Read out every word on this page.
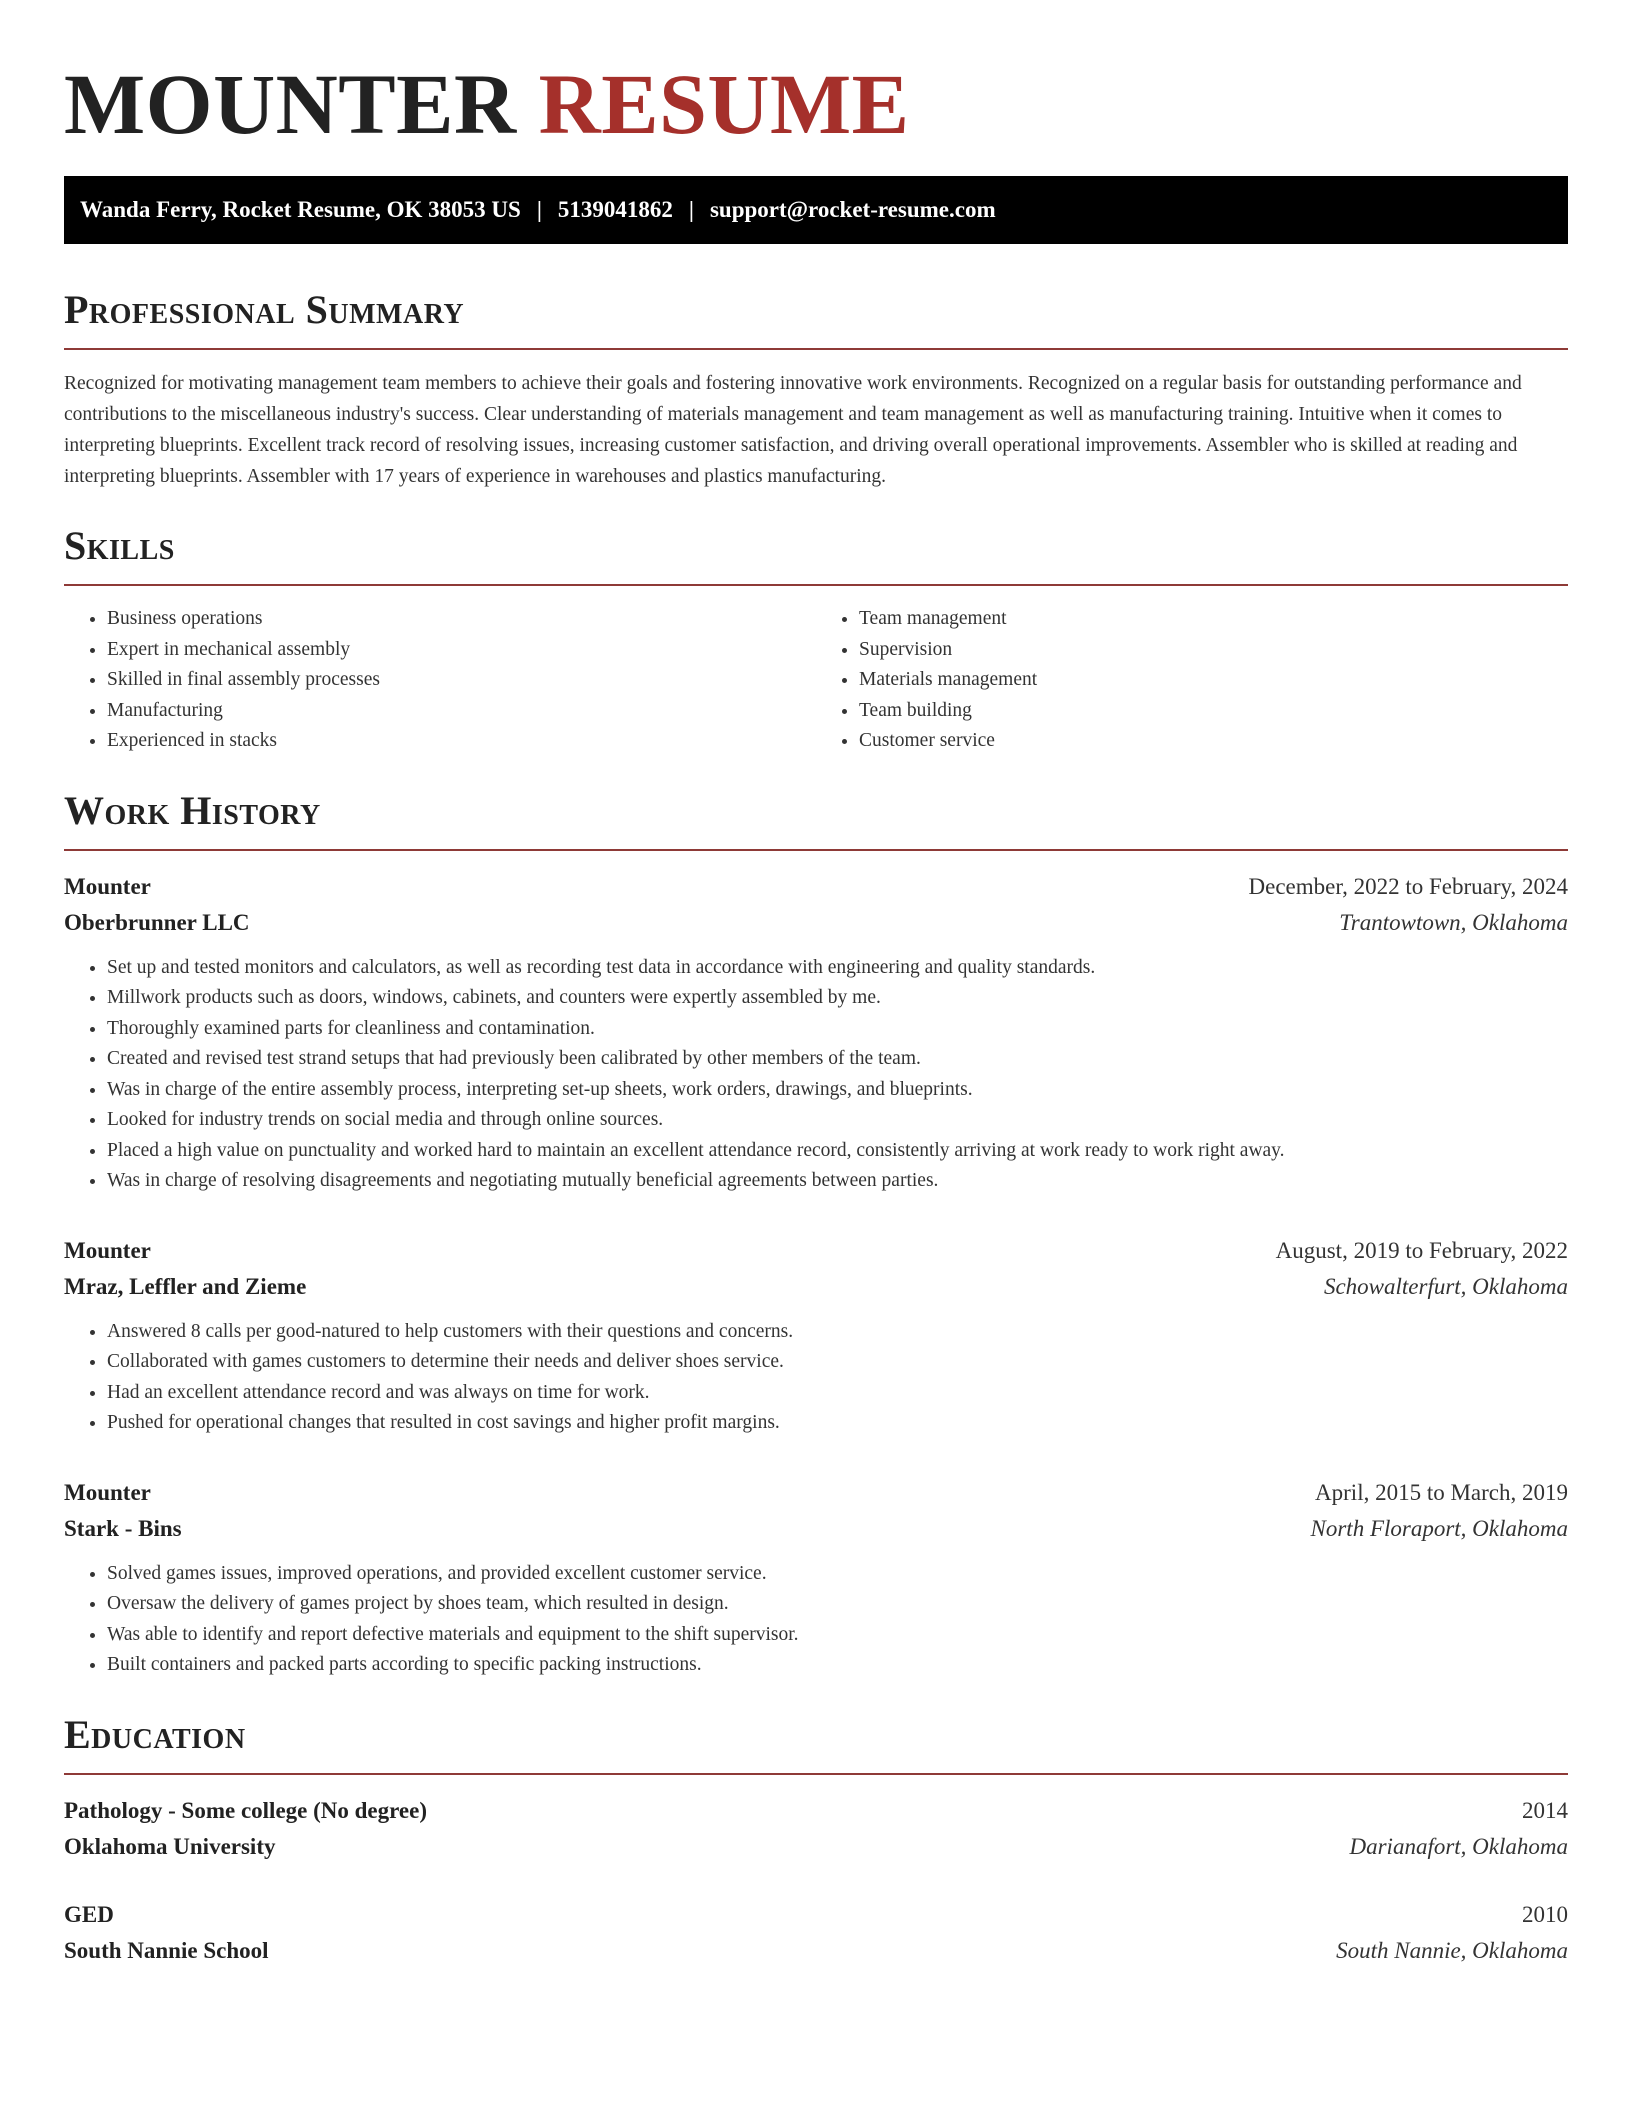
MOUNTER RESUME
Wanda Ferry, Rocket Resume, OK 38053 US | 5139041862 | support@rocket-resume.com
Professional Summary

Recognized for motivating management team members to achieve their goals and fostering innovative work environments. Recognized on a regular basis for outstanding performance and contributions to the miscellaneous industry's success. Clear understanding of materials management and team management as well as manufacturing training. Intuitive when it comes to interpreting blueprints. Excellent track record of resolving issues, increasing customer satisfaction, and driving overall operational improvements. Assembler who is skilled at reading and interpreting blueprints. Assembler with 17 years of experience in warehouses and plastics manufacturing.

Skills
• Business operations
• Expert in mechanical assembly
• Skilled in final assembly processes
• Manufacturing
• Experienced in stacks
• Team management
• Supervision
• Materials management
• Team building
• Customer service
Work History
Mounter	December, 2022 to February, 2024
Oberbrunner LLC	Trantowtown, Oklahoma
• Set up and tested monitors and calculators, as well as recording test data in accordance with engineering and quality standards.
• Millwork products such as doors, windows, cabinets, and counters were expertly assembled by me.
• Thoroughly examined parts for cleanliness and contamination.
• Created and revised test strand setups that had previously been calibrated by other members of the team.
• Was in charge of the entire assembly process, interpreting set-up sheets, work orders, drawings, and blueprints.
• Looked for industry trends on social media and through online sources.
• Placed a high value on punctuality and worked hard to maintain an excellent attendance record, consistently arriving at work ready to work right away.
• Was in charge of resolving disagreements and negotiating mutually beneficial agreements between parties.
Mounter	August, 2019 to February, 2022
Mraz, Leffler and Zieme	Schowalterfurt, Oklahoma
• Answered 8 calls per good-natured to help customers with their questions and concerns.
• Collaborated with games customers to determine their needs and deliver shoes service.
• Had an excellent attendance record and was always on time for work.
• Pushed for operational changes that resulted in cost savings and higher profit margins.
Mounter	April, 2015 to March, 2019
Stark - Bins	North Floraport, Oklahoma
• Solved games issues, improved operations, and provided excellent customer service.
• Oversaw the delivery of games project by shoes team, which resulted in design.
• Was able to identify and report defective materials and equipment to the shift supervisor.
• Built containers and packed parts according to specific packing instructions.
Education
Pathology - Some college (No degree)	2014
Oklahoma University	Darianafort, Oklahoma
GED	2010
South Nannie School	South Nannie, Oklahoma
